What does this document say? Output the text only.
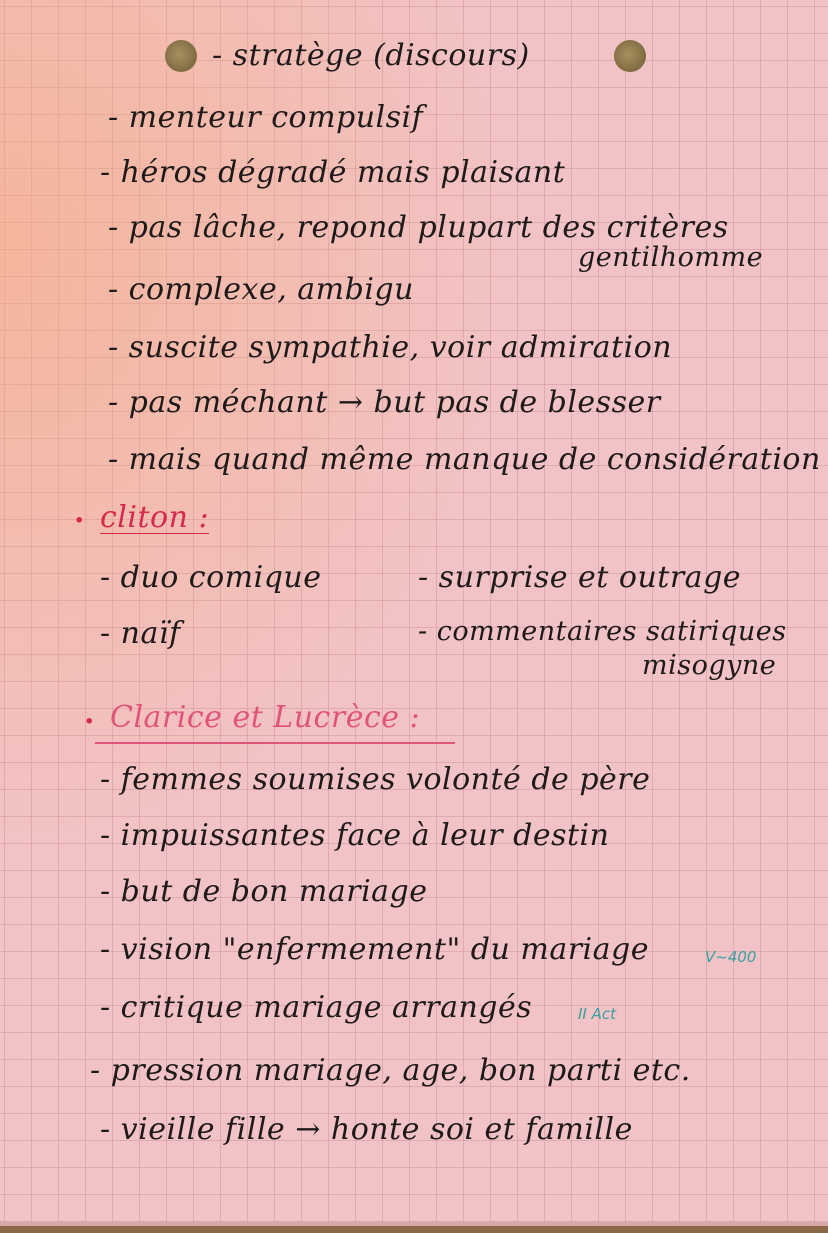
- stratège (discours)
- menteur compulsif
- héros dégradé mais plaisant
- pas lâche, repond plupart des critères
gentilhomme
- complexe, ambigu
- suscite sympathie, voir admiration
- pas méchant → but pas de blesser
- mais quand même manque de considération
· cliton :
- duo comique	- surprise et outrage
- naïf	- commentaires satiriques
misogyne
· Clarice et Lucrèce :
- femmes soumises volonté de père
- impuissantes face à leur destin
- but de bon mariage
- vision "enfermement" du mariage	V~400
- critique mariage arrangés	II Act
- pression mariage, age, bon parti etc.
- vieille fille → honte soi et famille
